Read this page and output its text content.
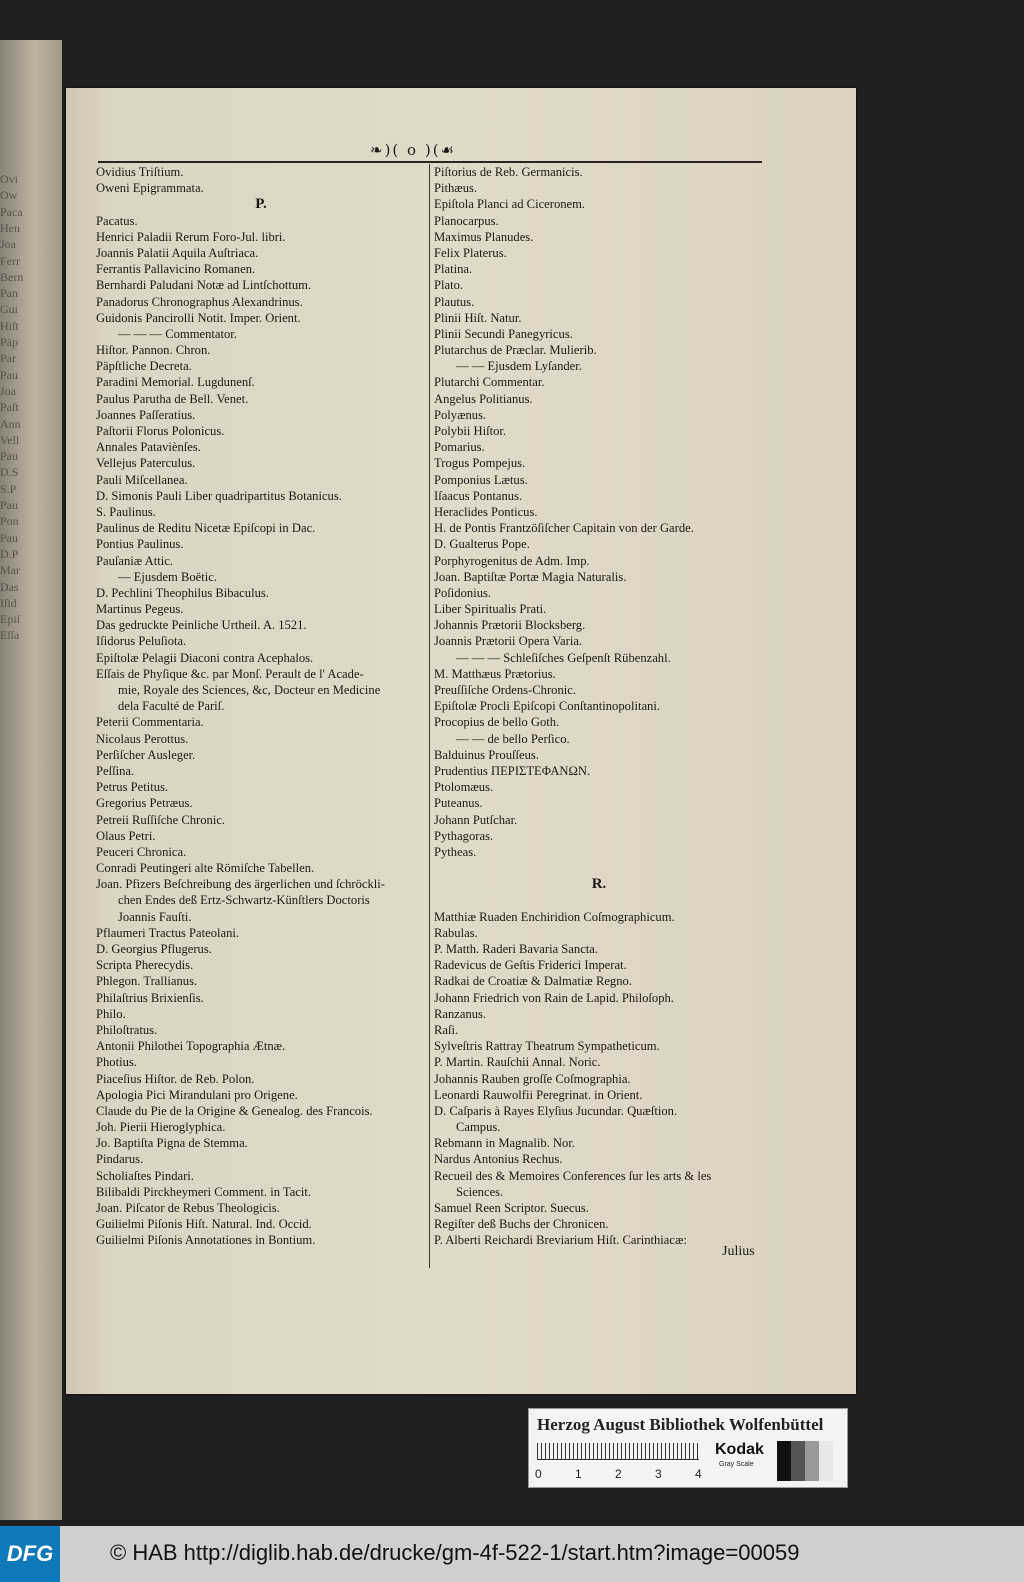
Ovi
Ow
Paca
Hen
Joa
Ferr
Bern
Pan
Gui
Hiſt
Päp
Par
Pau
Joa
Paſt
Ann
Vell
Pau
D.S
S.P
Pau
Pon
Pau
D.P
Mar
Das
Iſid
Epiſ
Eſſa
❧)( o )(☙
Ovidius Triſtium.
Oweni Epigrammata.
P.
Pacatus.
Henrici Paladii Rerum Foro-Jul. libri.
Joannis Palatii Aquila Auſtriaca.
Ferrantis Pallavicino Romanen.
Bernhardi Paludani Notæ ad Lintſchottum.
Panadorus Chronographus Alexandrinus.
Guidonis Pancirolli Notit. Imper. Orient.
— — — Commentator.
Hiſtor. Pannon. Chron.
Päpſtliche Decreta.
Paradini Memorial. Lugdunenſ.
Paulus Parutha de Bell. Venet.
Joannes Paſſeratius.
Paſtorii Florus Polonicus.
Annales Pataviènſes.
Vellejus Paterculus.
Pauli Miſcellanea.
D. Simonis Pauli Liber quadripartitus Botanicus.
S. Paulinus.
Paulinus de Reditu Nicetæ Epiſcopi in Dac.
Pontius Paulinus.
Pauſaniæ Attic.
— Ejusdem Boëtic.
D. Pechlini Theophilus Bibaculus.
Martinus Pegeus.
Das gedruckte Peinliche Urtheil. A. 1521.
Iſidorus Peluſiota.
Epiſtolæ Pelagii Diaconi contra Acephalos.
Eſſais de Phyſique &c. par Monſ. Perault de l' Acade-
mie, Royale des Sciences, &c, Docteur en Medicine
dela Faculté de Pariſ.
Peterii Commentaria.
Nicolaus Perottus.
Perſiſcher Ausleger.
Peſſina.
Petrus Petitus.
Gregorius Petræus.
Petreii Ruſſiſche Chronic.
Olaus Petri.
Peuceri Chronica.
Conradi Peutingeri alte Römiſche Tabellen.
Joan. Pfizers Beſchreibung des ärgerlichen und ſchröckli-
chen Endes deß Ertz-Schwartz-Künſtlers Doctoris
Joannis Fauſti.
Pflaumeri Tractus Pateolani.
D. Georgius Pflugerus.
Scripta Pherecydis.
Phlegon. Trallianus.
Philaſtrius Brixienſis.
Philo.
Philoſtratus.
Antonii Philothei Topographia Ætnæ.
Photius.
Piaceſius Hiſtor. de Reb. Polon.
Apologia Pici Mirandulani pro Origene.
Claude du Pie de la Origine & Genealog. des Francois.
Joh. Pierii Hieroglyphica.
Jo. Baptiſta Pigna de Stemma.
Pindarus.
Scholiaſtes Pindari.
Bilibaldi Pirckheymeri Comment. in Tacit.
Joan. Piſcator de Rebus Theologicis.
Guilielmi Piſonis Hiſt. Natural. Ind. Occid.
Guilielmi Piſonis Annotationes in Bontium.
Piſtorius de Reb. Germanicis.
Pithæus.
Epiſtola Planci ad Ciceronem.
Planocarpus.
Maximus Planudes.
Felix Platerus.
Platina.
Plato.
Plautus.
Plinii Hiſt. Natur.
Plinii Secundi Panegyricus.
Plutarchus de Præclar. Mulierib.
— — Ejusdem Lyſander.
Plutarchi Commentar.
Angelus Politianus.
Polyænus.
Polybii Hiſtor.
Pomarius.
Trogus Pompejus.
Pomponius Lætus.
Iſaacus Pontanus.
Heraclides Ponticus.
H. de Pontis Frantzöſiſcher Capitain von der Garde.
D. Gualterus Pope.
Porphyrogenitus de Adm. Imp.
Joan. Baptiſtæ Portæ Magia Naturalis.
Poſidonius.
Liber Spiritualis Prati.
Johannis Prætorii Blocksberg.
Joannis Prætorii Opera Varia.
— — — Schleſiſches Geſpenſt Rübenzahl.
M. Matthæus Prætorius.
Preuſſiſche Ordens-Chronic.
Epiſtolæ Procli Epiſcopi Conſtantinopolitani.
Procopius de bello Goth.
— — de bello Perſico.
Balduinus Prouſſeus.
Prudentius ΠΕΡΙΣΤΕΦΑΝΩΝ.
Ptolomæus.
Puteanus.
Johann Putſchar.
Pythagoras.
Pytheas.
R.
Matthiæ Ruaden Enchiridion Coſmographicum.
Rabulas.
P. Matth. Raderi Bavaria Sancta.
Radevicus de Geſtis Friderici Imperat.
Radkai de Croatiæ & Dalmatiæ Regno.
Johann Friedrich von Rain de Lapid. Philoſoph.
Ranzanus.
Raſi.
Sylveſtris Rattray Theatrum Sympatheticum.
P. Martin. Rauſchii Annal. Noric.
Johannis Rauben groſſe Coſmographia.
Leonardi Rauwolfii Peregrinat. in Orient.
D. Caſparis à Rayes Elyſius Jucundar. Quæſtion.
Campus.
Rebmann in Magnalib. Nor.
Nardus Antonius Rechus.
Recueil des & Memoires Conferences ſur les arts & les
Sciences.
Samuel Reen Scriptor. Suecus.
Regiſter deß Buchs der Chronicen.
P. Alberti Reichardi Breviarium Hiſt. Carinthiacæ:
Julius
Herzog August Bibliothek Wolfenbüttel
0	1	2	3	4
Kodak
Gray Scale
DFG	© HAB http://diglib.hab.de/drucke/gm-4f-522-1/start.htm?image=00059
